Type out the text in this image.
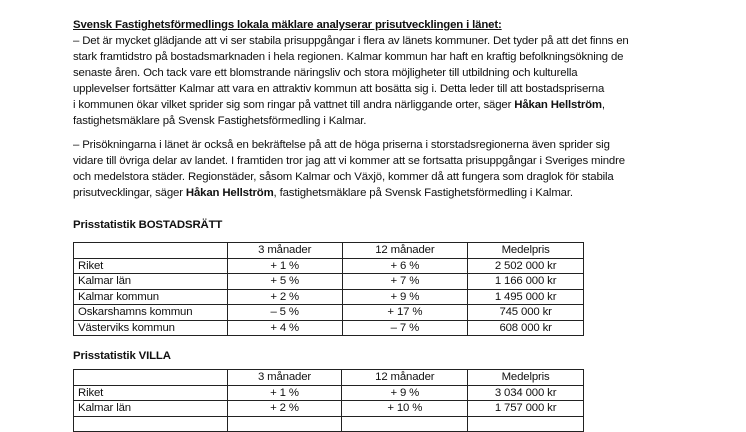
Svensk Fastighetsförmedlings lokala mäklare analyserar prisutvecklingen i länet:
– Det är mycket glädjande att vi ser stabila prisuppgångar i flera av länets kommuner. Det tyder på att det finns en
stark framtidstro på bostadsmarknaden i hela regionen. Kalmar kommun har haft en kraftig befolkningsökning de
senaste åren. Och tack vare ett blomstrande näringsliv och stora möjligheter till utbildning och kulturella
upplevelser fortsätter Kalmar att vara en attraktiv kommun att bosätta sig i. Detta leder till att bostadspriserna
i kommunen ökar vilket sprider sig som ringar på vattnet till andra närliggande orter, säger Håkan Hellström,
fastighetsmäklare på Svensk Fastighetsförmedling i Kalmar.
– Prisökningarna i länet är också en bekräftelse på att de höga priserna i storstadsregionerna även sprider sig
vidare till övriga delar av landet. I framtiden tror jag att vi kommer att se fortsatta prisuppgångar i Sveriges mindre
och medelstora städer. Regionstäder, såsom Kalmar och Växjö, kommer då att fungera som draglok för stabila
prisutvecklingar, säger Håkan Hellström, fastighetsmäklare på Svensk Fastighetsförmedling i Kalmar.
Prisstatistik BOSTADSRÄTT
	3 månader	12 månader	Medelpris
Riket	+ 1 %	+ 6 %	2 502 000 kr
Kalmar län	+ 5 %	+ 7 %	1 166 000 kr
Kalmar kommun	+ 2 %	+ 9 %	1 495 000 kr
Oskarshamns kommun	– 5 %	+ 17 %	745 000 kr
Västerviks kommun	+ 4 %	– 7 %	608 000 kr
Prisstatistik VILLA
	3 månader	12 månader	Medelpris
Riket	+ 1 %	+ 9 %	3 034 000 kr
Kalmar län	+ 2 %	+ 10 %	1 757 000 kr
